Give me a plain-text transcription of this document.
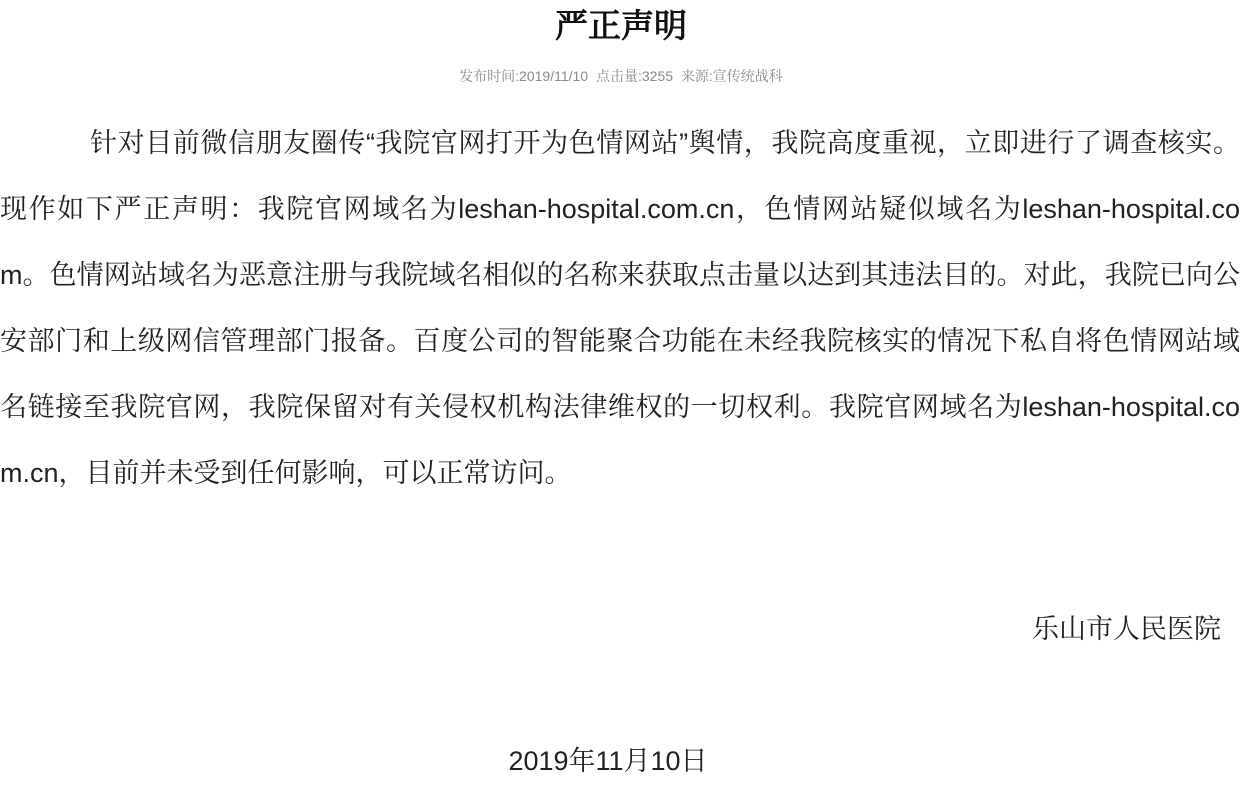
严正声明
发布时间:2019/11/10 点击量:3255 来源:宣传统战科

针对目前微信朋友圈传“我院官网打开为色情网站”舆情，我院高度重视，立即进行了调查核实。现作如下严正声明：我院官网域名为leshan-hospital.com.cn，色情网站疑似域名为leshan-hospital.com。色情网站域名为恶意注册与我院域名相似的名称来获取点击量以达到其违法目的。对此，我院已向公安部门和上级网信管理部门报备。百度公司的智能聚合功能在未经我院核实的情况下私自将色情网站域名链接至我院官网，我院保留对有关侵权机构法律维权的一切权利。我院官网域名为leshan-hospital.com.cn，目前并未受到任何影响，可以正常访问。

乐山市人民医院

2019年11月10日
